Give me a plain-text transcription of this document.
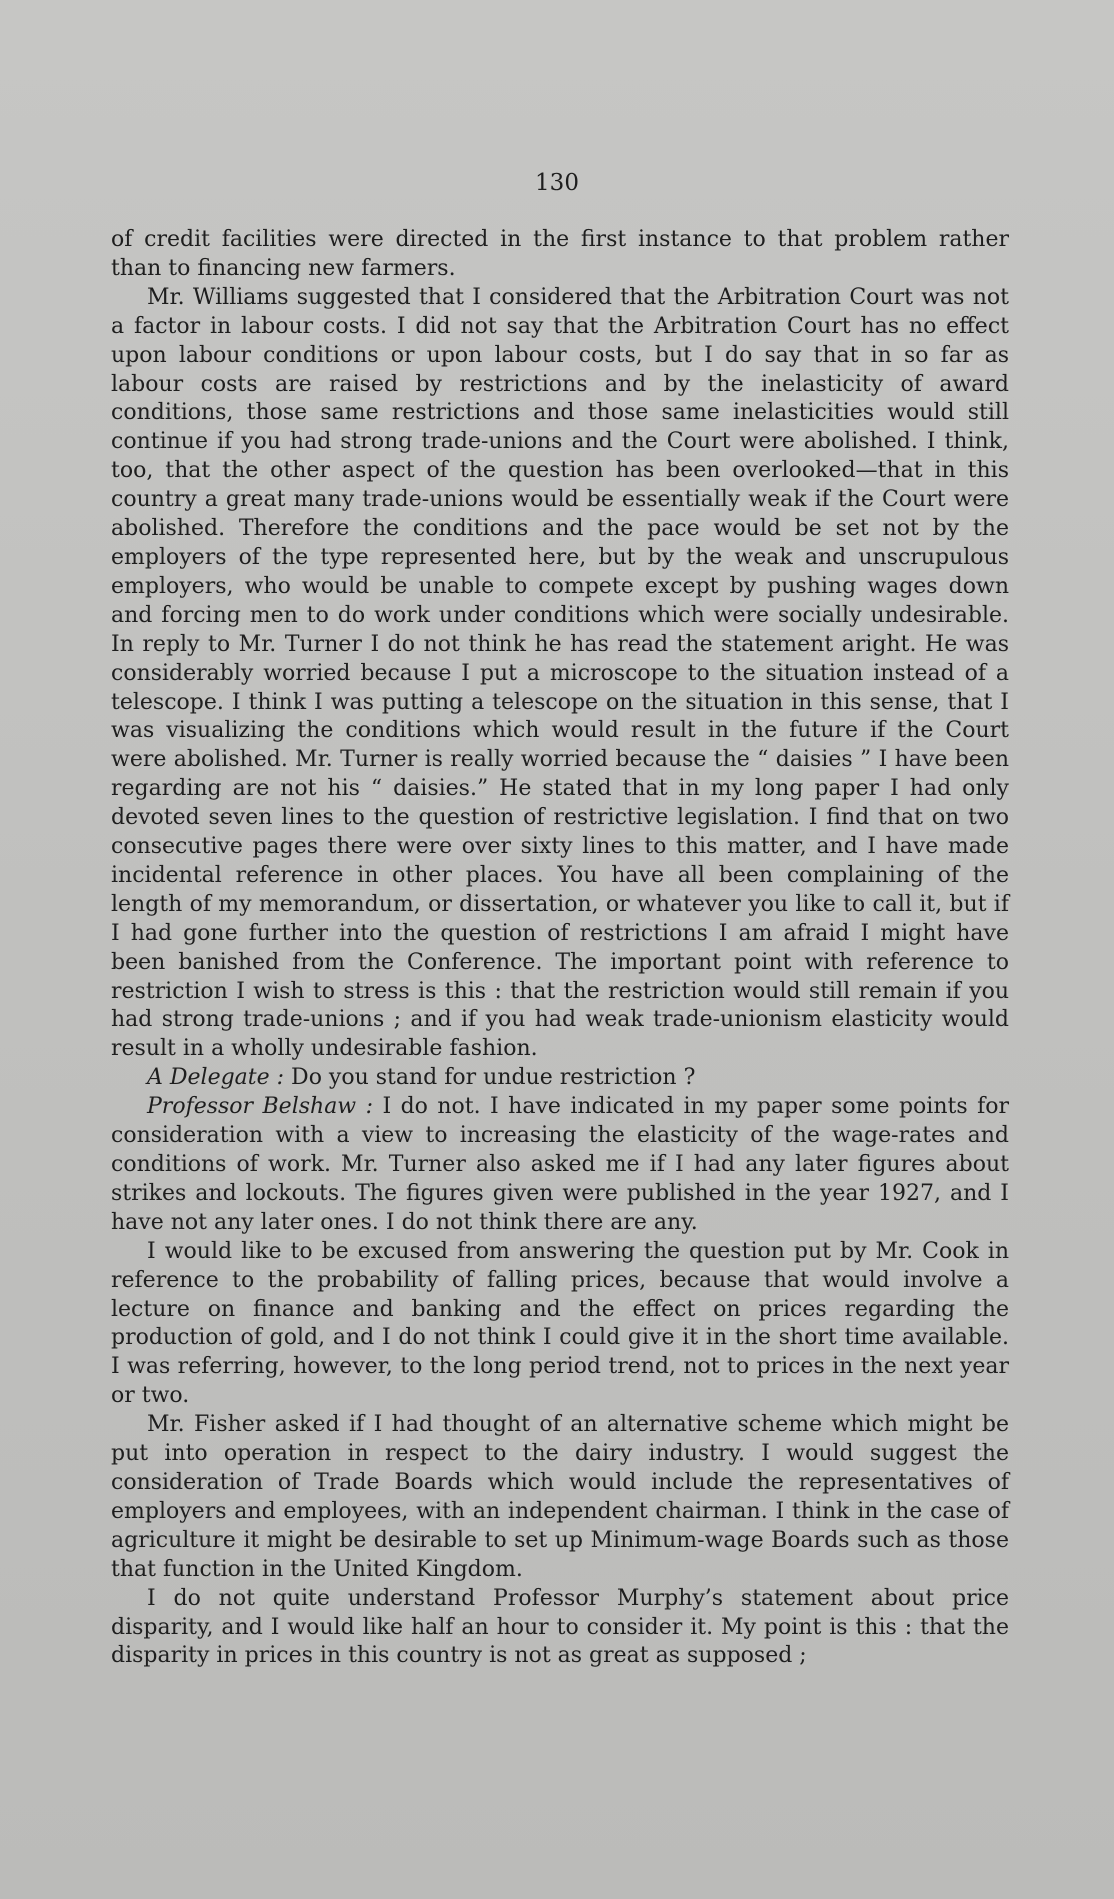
130

of credit facilities were directed in the first instance to that problem rather than to financing new farmers.

Mr. Williams suggested that I considered that the Arbitration Court was not a factor in labour costs. I did not say that the Arbitration Court has no effect upon labour conditions or upon labour costs, but I do say that in so far as labour costs are raised by restrictions and by the inelasticity of award conditions, those same restrictions and those same inelasticities would still continue if you had strong trade-unions and the Court were abolished. I think, too, that the other aspect of the question has been overlooked—that in this country a great many trade-unions would be essentially weak if the Court were abolished. Therefore the conditions and the pace would be set not by the employers of the type represented here, but by the weak and unscrupulous employers, who would be unable to compete except by pushing wages down and forcing men to do work under conditions which were socially undesirable. In reply to Mr. Turner I do not think he has read the statement aright. He was considerably worried because I put a microscope to the situation instead of a telescope. I think I was putting a telescope on the situation in this sense, that I was visualizing the conditions which would result in the future if the Court were abolished. Mr. Turner is really worried because the “ daisies ” I have been regarding are not his “ daisies.” He stated that in my long paper I had only devoted seven lines to the question of restrictive legislation. I find that on two consecutive pages there were over sixty lines to this matter, and I have made incidental reference in other places. You have all been complaining of the length of my memorandum, or dissertation, or whatever you like to call it, but if I had gone further into the question of restrictions I am afraid I might have been banished from the Conference. The important point with reference to restriction I wish to stress is this : that the restriction would still remain if you had strong trade-unions ; and if you had weak trade-unionism elasticity would result in a wholly undesirable fashion.

A Delegate : Do you stand for undue restriction ?

Professor Belshaw : I do not. I have indicated in my paper some points for consideration with a view to increasing the elasticity of the wage-rates and conditions of work. Mr. Turner also asked me if I had any later figures about strikes and lockouts. The figures given were published in the year 1927, and I have not any later ones. I do not think there are any.

I would like to be excused from answering the question put by Mr. Cook in reference to the probability of falling prices, because that would involve a lecture on finance and banking and the effect on prices regarding the production of gold, and I do not think I could give it in the short time available. I was referring, however, to the long period trend, not to prices in the next year or two.

Mr. Fisher asked if I had thought of an alternative scheme which might be put into operation in respect to the dairy industry. I would suggest the consideration of Trade Boards which would include the representatives of employers and employees, with an independent chairman. I think in the case of agriculture it might be desirable to set up Minimum-wage Boards such as those that function in the United Kingdom.

I do not quite understand Professor Murphy’s statement about price disparity, and I would like half an hour to consider it. My point is this : that the disparity in prices in this country is not as great as supposed ;
